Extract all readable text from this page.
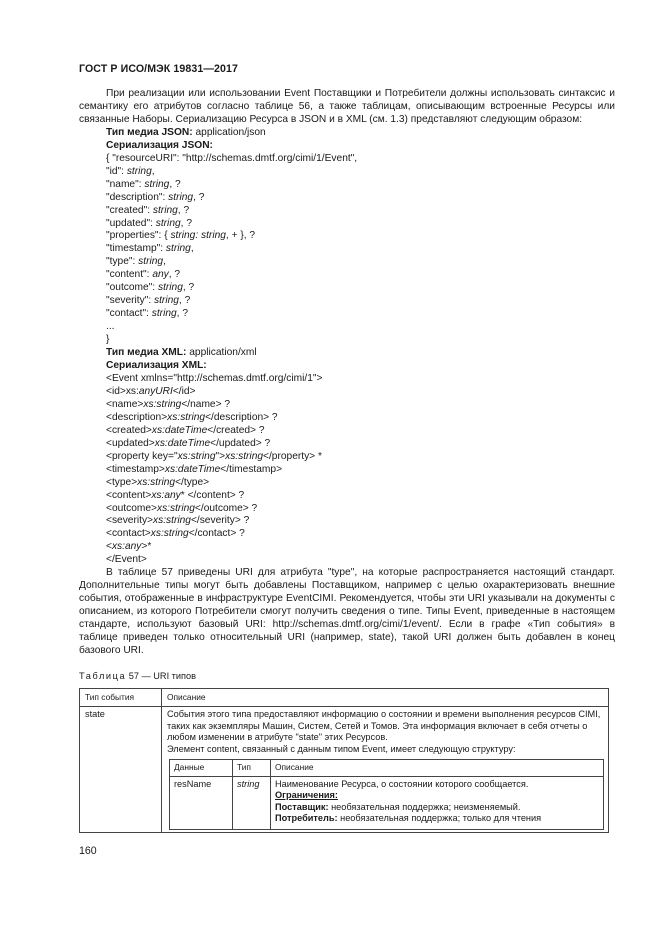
ГОСТ Р ИСО/МЭК 19831—2017

При реализации или использовании Event Поставщики и Потребители должны использовать синтаксис и семантику его атрибутов согласно таблице 56, а также таблицам, описывающим встроенные Ресурсы или связанные Наборы. Сериализацию Ресурса в JSON и в XML (см. 1.3) представляют следующим образом:

Тип медиа JSON: application/json
Сериализация JSON:
{ "resourceURI": "http://schemas.dmtf.org/cimi/1/Event",
"id": string,
"name": string, ?
"description": string, ?
"created": string, ?
"updated": string, ?
"properties": { string: string, + }, ?
"timestamp": string,
"type": string,
"content": any, ?
"outcome": string, ?
"severity": string, ?
"contact": string, ?
...
}
Тип медиа XML: application/xml
Сериализация XML:
<Event xmlns="http://schemas.dmtf.org/cimi/1">
<id>xs:anyURI</id>
<name>xs:string</name> ?
<description>xs:string</description> ?
<created>xs:dateTime</created> ?
<updated>xs:dateTime</updated> ?
<property key="xs:string">xs:string</property> *
<timestamp>xs:dateTime</timestamp>
<type>xs:string</type>
<content>xs:any* </content> ?
<outcome>xs:string</outcome> ?
<severity>xs:string</severity> ?
<contact>xs:string</contact> ?
<xs:any>*
</Event>

В таблице 57 приведены URI для атрибута "type", на которые распространяется настоящий стандарт. Дополнительные типы могут быть добавлены Поставщиком, например с целью охарактеризовать внешние события, отображенные в инфраструктуре EventCIMI. Рекомендуется, чтобы эти URI указывали на документы с описанием, из которого Потребители смогут получить сведения о типе. Типы Event, приведенные в настоящем стандарте, используют базовый URI: http://schemas.dmtf.org/cimi/1/event/. Если в графе «Тип события» в таблице приведен только относительный URI (например, state), такой URI должен быть добавлен в конец базового URI.

Таблица 57 — URI типов
Тип события	Описание
state	События этого типа предоставляют информацию о состоянии и времени выполнения ресурсов CIMI, таких как экземпляры Машин, Систем, Сетей и Томов. Эта информация включает в себя отчеты о любом изменении в атрибуте "state" этих Ресурсов.
Элемент content, связанный с данным типом Event, имеет следующую структуру:
Данные	Тип	Описание
resName	string	Наименование Ресурса, о состоянии которого сообщается.
Ограничения:
Поставщик: необязательная поддержка; неизменяемый.
Потребитель: необязательная поддержка; только для чтения
160
